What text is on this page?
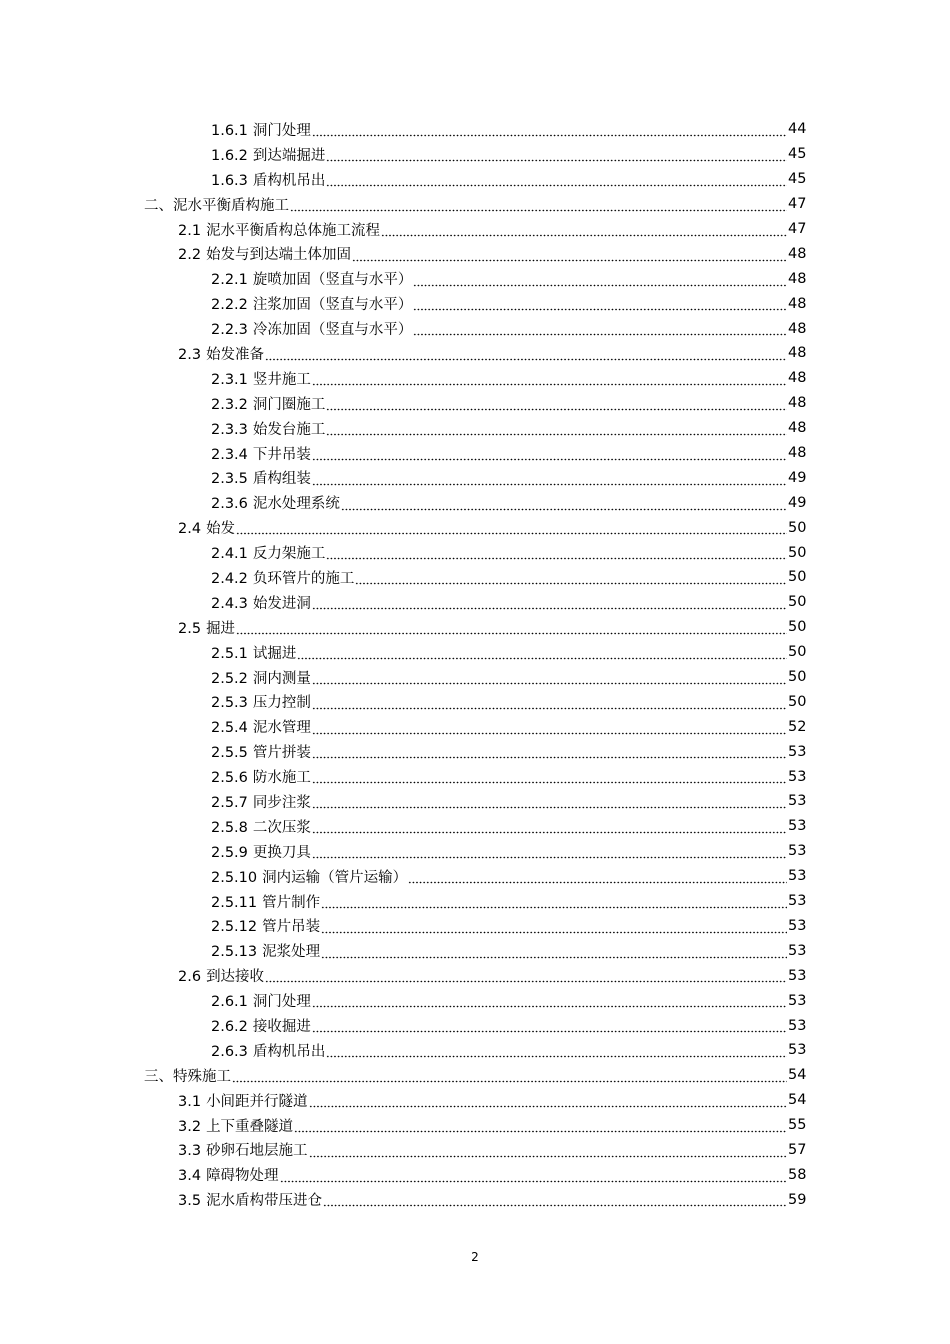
1.6.1 洞门处理	44
1.6.2 到达端掘进	45
1.6.3 盾构机吊出	45
二、泥水平衡盾构施工	47
2.1 泥水平衡盾构总体施工流程	47
2.2 始发与到达端土体加固	48
2.2.1 旋喷加固（竖直与水平）	48
2.2.2 注浆加固（竖直与水平）	48
2.2.3 冷冻加固（竖直与水平）	48
2.3 始发准备	48
2.3.1 竖井施工	48
2.3.2 洞门圈施工	48
2.3.3 始发台施工	48
2.3.4 下井吊装	48
2.3.5 盾构组装	49
2.3.6 泥水处理系统	49
2.4 始发	50
2.4.1 反力架施工	50
2.4.2 负环管片的施工	50
2.4.3 始发进洞	50
2.5 掘进	50
2.5.1 试掘进	50
2.5.2 洞内测量	50
2.5.3 压力控制	50
2.5.4 泥水管理	52
2.5.5 管片拼装	53
2.5.6 防水施工	53
2.5.7 同步注浆	53
2.5.8 二次压浆	53
2.5.9 更换刀具	53
2.5.10 洞内运输（管片运输）	53
2.5.11 管片制作	53
2.5.12 管片吊装	53
2.5.13 泥浆处理	53
2.6 到达接收	53
2.6.1 洞门处理	53
2.6.2 接收掘进	53
2.6.3 盾构机吊出	53
三、特殊施工	54
3.1 小间距并行隧道	54
3.2 上下重叠隧道	55
3.3 砂卵石地层施工	57
3.4 障碍物处理	58
3.5 泥水盾构带压进仓	59
2
